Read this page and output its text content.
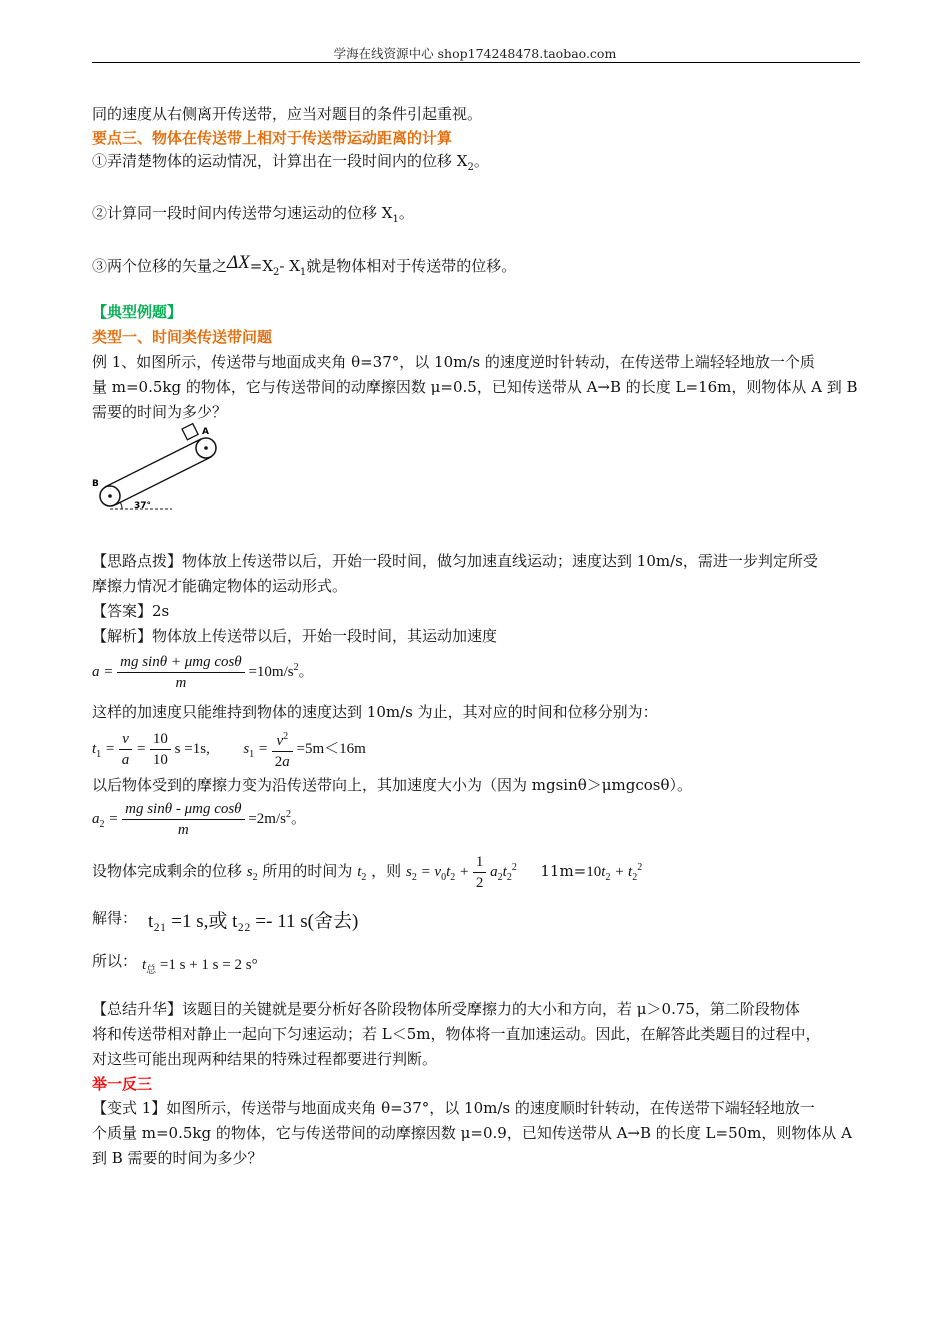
学海在线资源中心 shop174248478.taobao.com
同的速度从右侧离开传送带，应当对题目的条件引起重视。
要点三、物体在传送带上相对于传送带运动距离的计算
①弄清楚物体的运动情况，计算出在一段时间内的位移 $X_2$。
②计算同一段时间内传送带匀速运动的位移 $X_1$。
③两个位移的矢量之$\Delta X=X_2-$ $X_1$就是物体相对于传送带的位移。
【典型例题】
类型一、时间类传送带问题
例 1、如图所示，传送带与地面成夹角 θ=37°，以 10m/s 的速度逆时针转动，在传送带上端轻轻地放一个质
量 m=0.5kg 的物体，它与传送带间的动摩擦因数 μ=0.5，已知传送带从 A→B 的长度 L=16m，则物体从 A 到 B
需要的时间为多少？
A
B
37°
【思路点拨】物体放上传送带以后，开始一段时间，做匀加速直线运动；速度达到 10m/s，需进一步判定所受
摩擦力情况才能确定物体的运动形式。
【答案】2s
【解析】物体放上传送带以后，开始一段时间，其运动加速度
$a = \frac{\text{mg sinθ + μmg cosθ}}{m} =10m/s^2$。
这样的加速度只能维持到物体的速度达到 10m/s 为止，其对应的时间和位移分别为：
$t_1 = \frac{v}{a} = \frac{10}{10}$ s =1s, $s_1 = \frac{v^2}{2a} =5m<16m$
以后物体受到的摩擦力变为沿传送带向上，其加速度大小为（因为 mgsinθ＞μmgcosθ）。
$a_2 = \frac{\text{mg sinθ - μmg cosθ}}{m} =2m/s^2$。
设物体完成剩余的位移 $s_2$ 所用的时间为 $t_2$ ，则 $s_2 = v_0t_2 + \frac{1}{2} a_2t_2^2$ $11m=10t_2 + t_2^2$
解得： t₂₁ =1 s,或 t₂₂ =- 11 s(舍去)
所以： $t_总 =1$ s + 1 s = 2 s°
【总结升华】该题目的关键就是要分析好各阶段物体所受摩擦力的大小和方向，若 μ＞0.75，第二阶段物体
将和传送带相对静止一起向下匀速运动；若 L＜5m，物体将一直加速运动。因此，在解答此类题目的过程中，
对这些可能出现两种结果的特殊过程都要进行判断。
举一反三
【变式 1】如图所示，传送带与地面成夹角 θ=37°，以 10m/s 的速度顺时针转动，在传送带下端轻轻地放一
个质量 m=0.5kg 的物体，它与传送带间的动摩擦因数 μ=0.9，已知传送带从 A→B 的长度 L=50m，则物体从 A
到 B 需要的时间为多少？
